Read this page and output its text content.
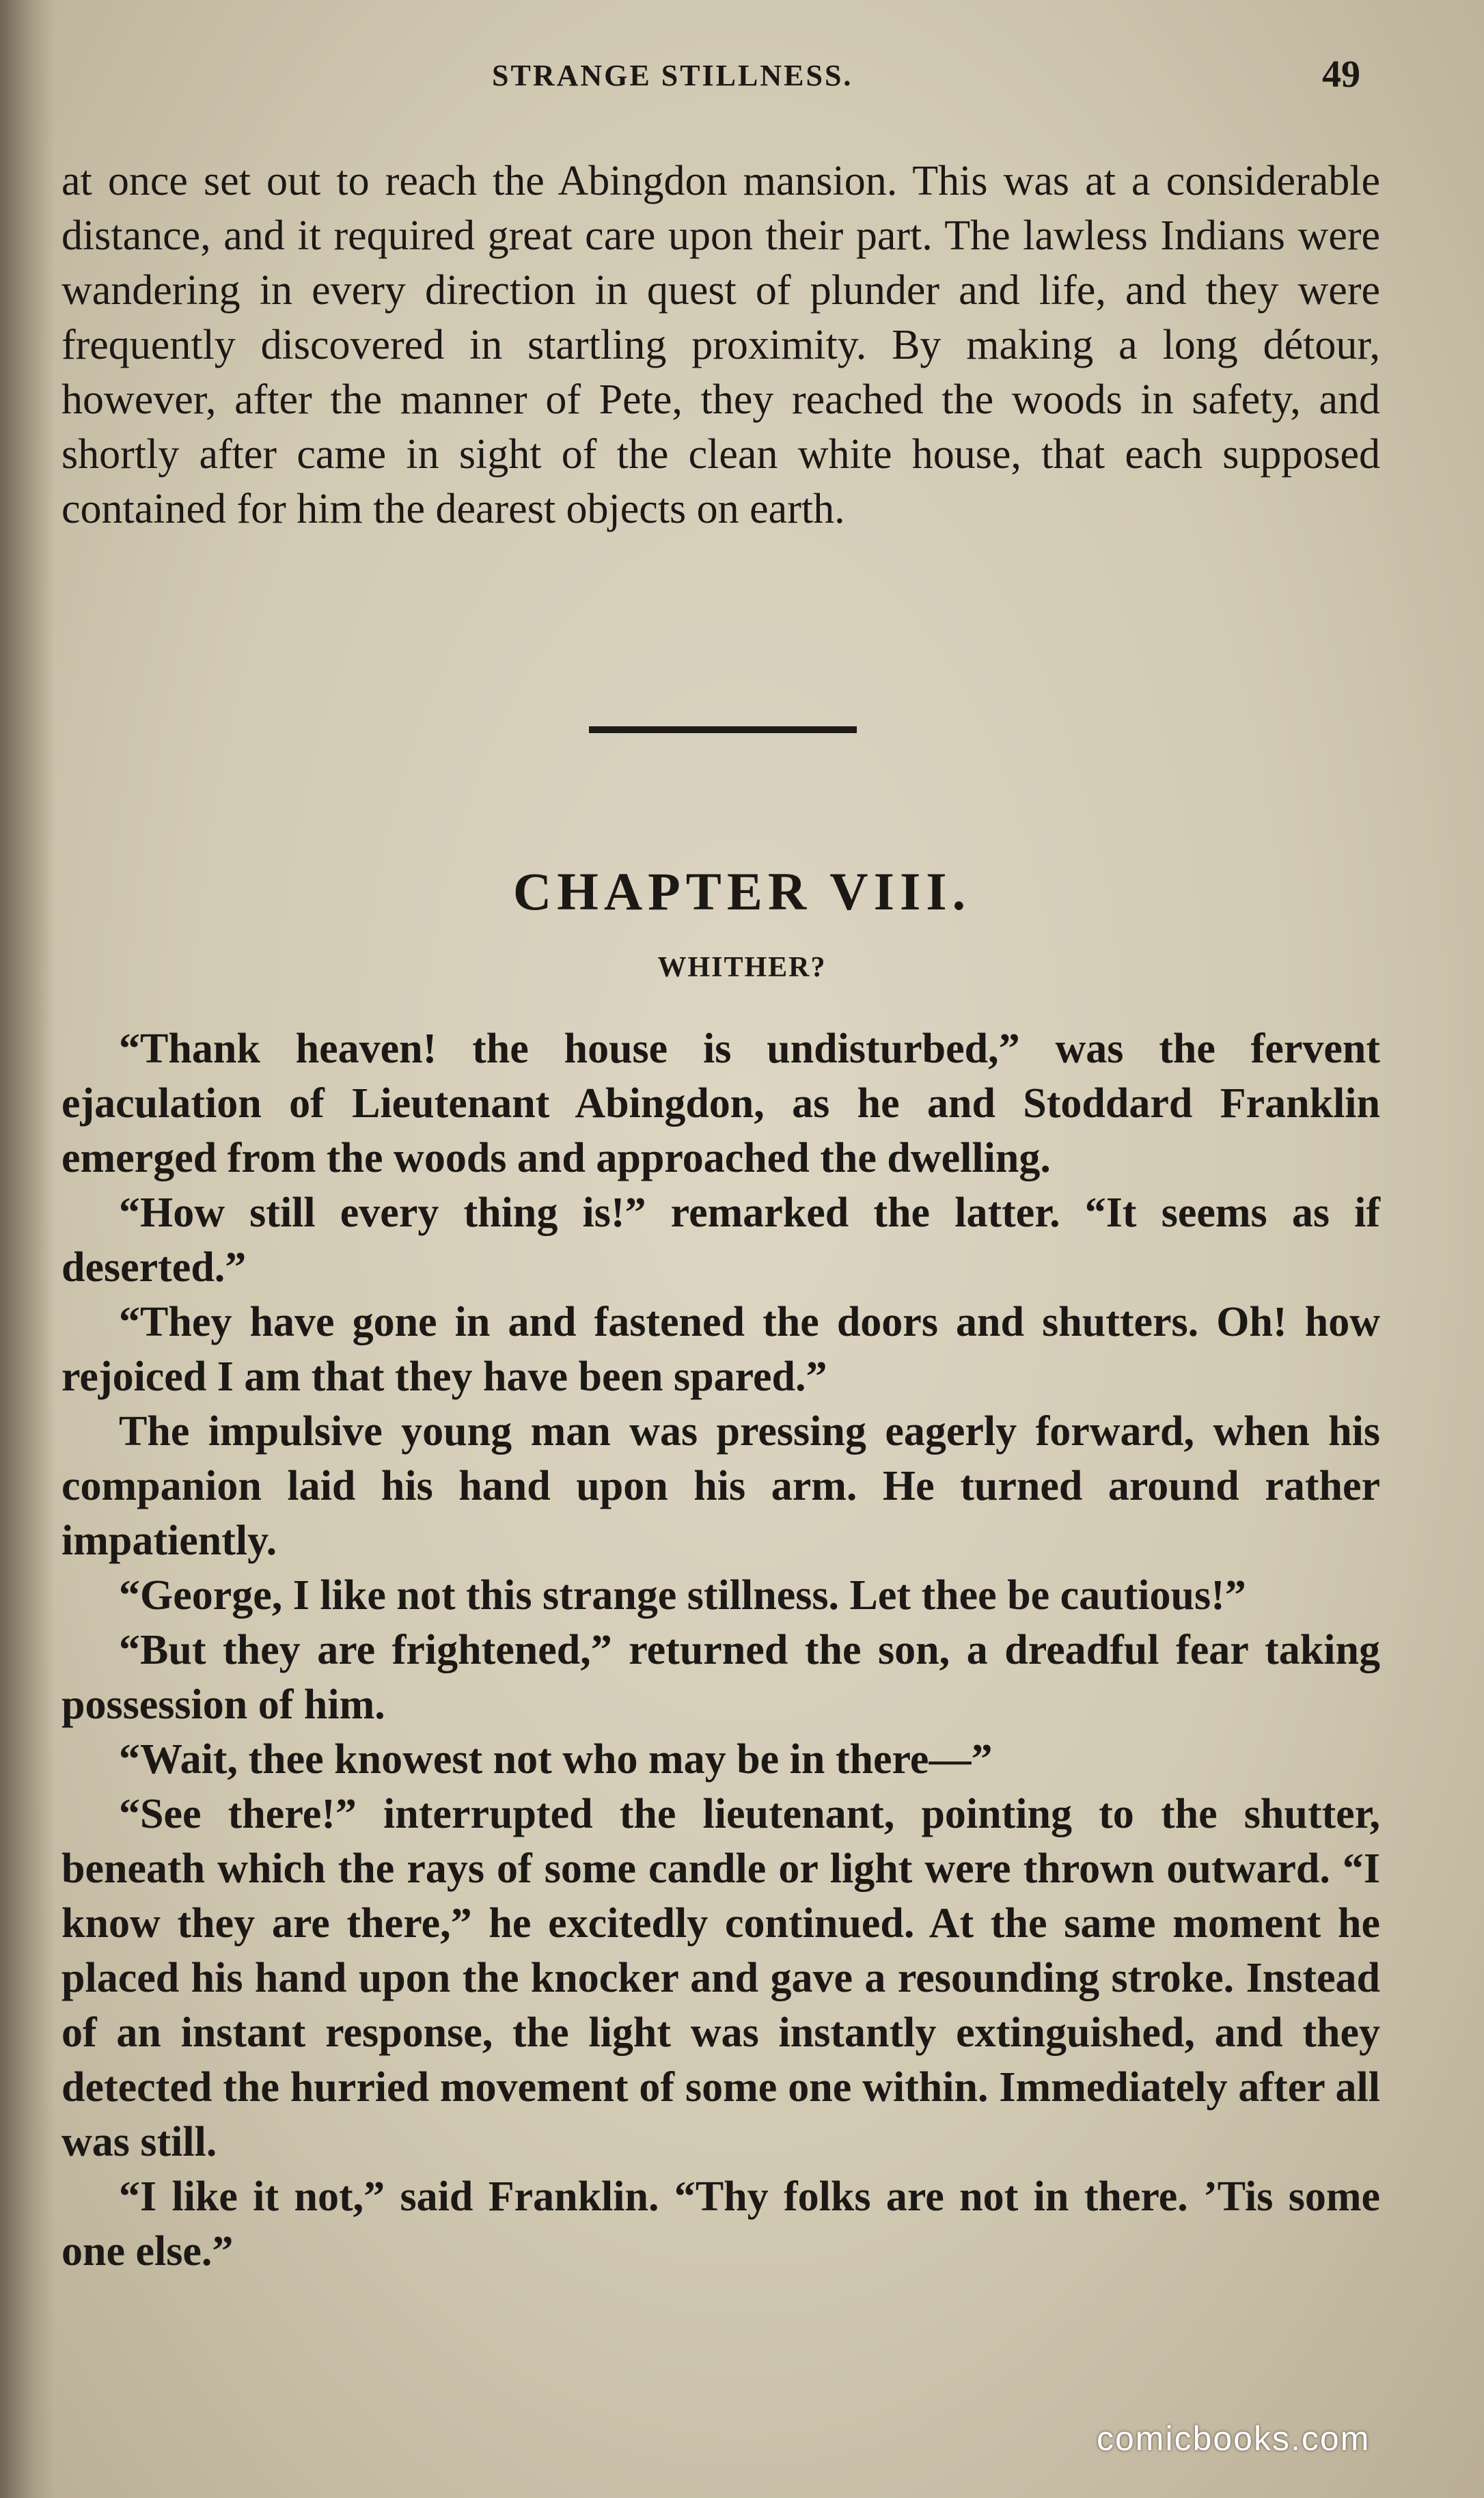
STRANGE STILLNESS.	49

at once set out to reach the Abingdon mansion. This was at a considerable distance, and it required great care upon their part. The lawless Indians were wandering in every direction in quest of plunder and life, and they were frequently discovered in startling proximity. By making a long détour, however, after the manner of Pete, they reached the woods in safety, and shortly after came in sight of the clean white house, that each supposed contained for him the dearest objects on earth.

CHAPTER VIII.
WHITHER?

“Thank heaven! the house is undisturbed,” was the fervent ejaculation of Lieutenant Abingdon, as he and Stoddard Franklin emerged from the woods and approached the dwelling.

“How still every thing is!” remarked the latter. “It seems as if deserted.”

“They have gone in and fastened the doors and shutters. Oh! how rejoiced I am that they have been spared.”

The impulsive young man was pressing eagerly forward, when his companion laid his hand upon his arm. He turned around rather impatiently.

“George, I like not this strange stillness. Let thee be cautious!”

“But they are frightened,” returned the son, a dreadful fear taking possession of him.

“Wait, thee knowest not who may be in there—”

“See there!” interrupted the lieutenant, pointing to the shutter, beneath which the rays of some candle or light were thrown outward. “I know they are there,” he excitedly continued. At the same moment he placed his hand upon the knocker and gave a resounding stroke. Instead of an instant response, the light was instantly extinguished, and they detected the hurried movement of some one within. Immediately after all was still.

“I like it not,” said Franklin. “Thy folks are not in there. ’Tis some one else.”

comicbooks.com
